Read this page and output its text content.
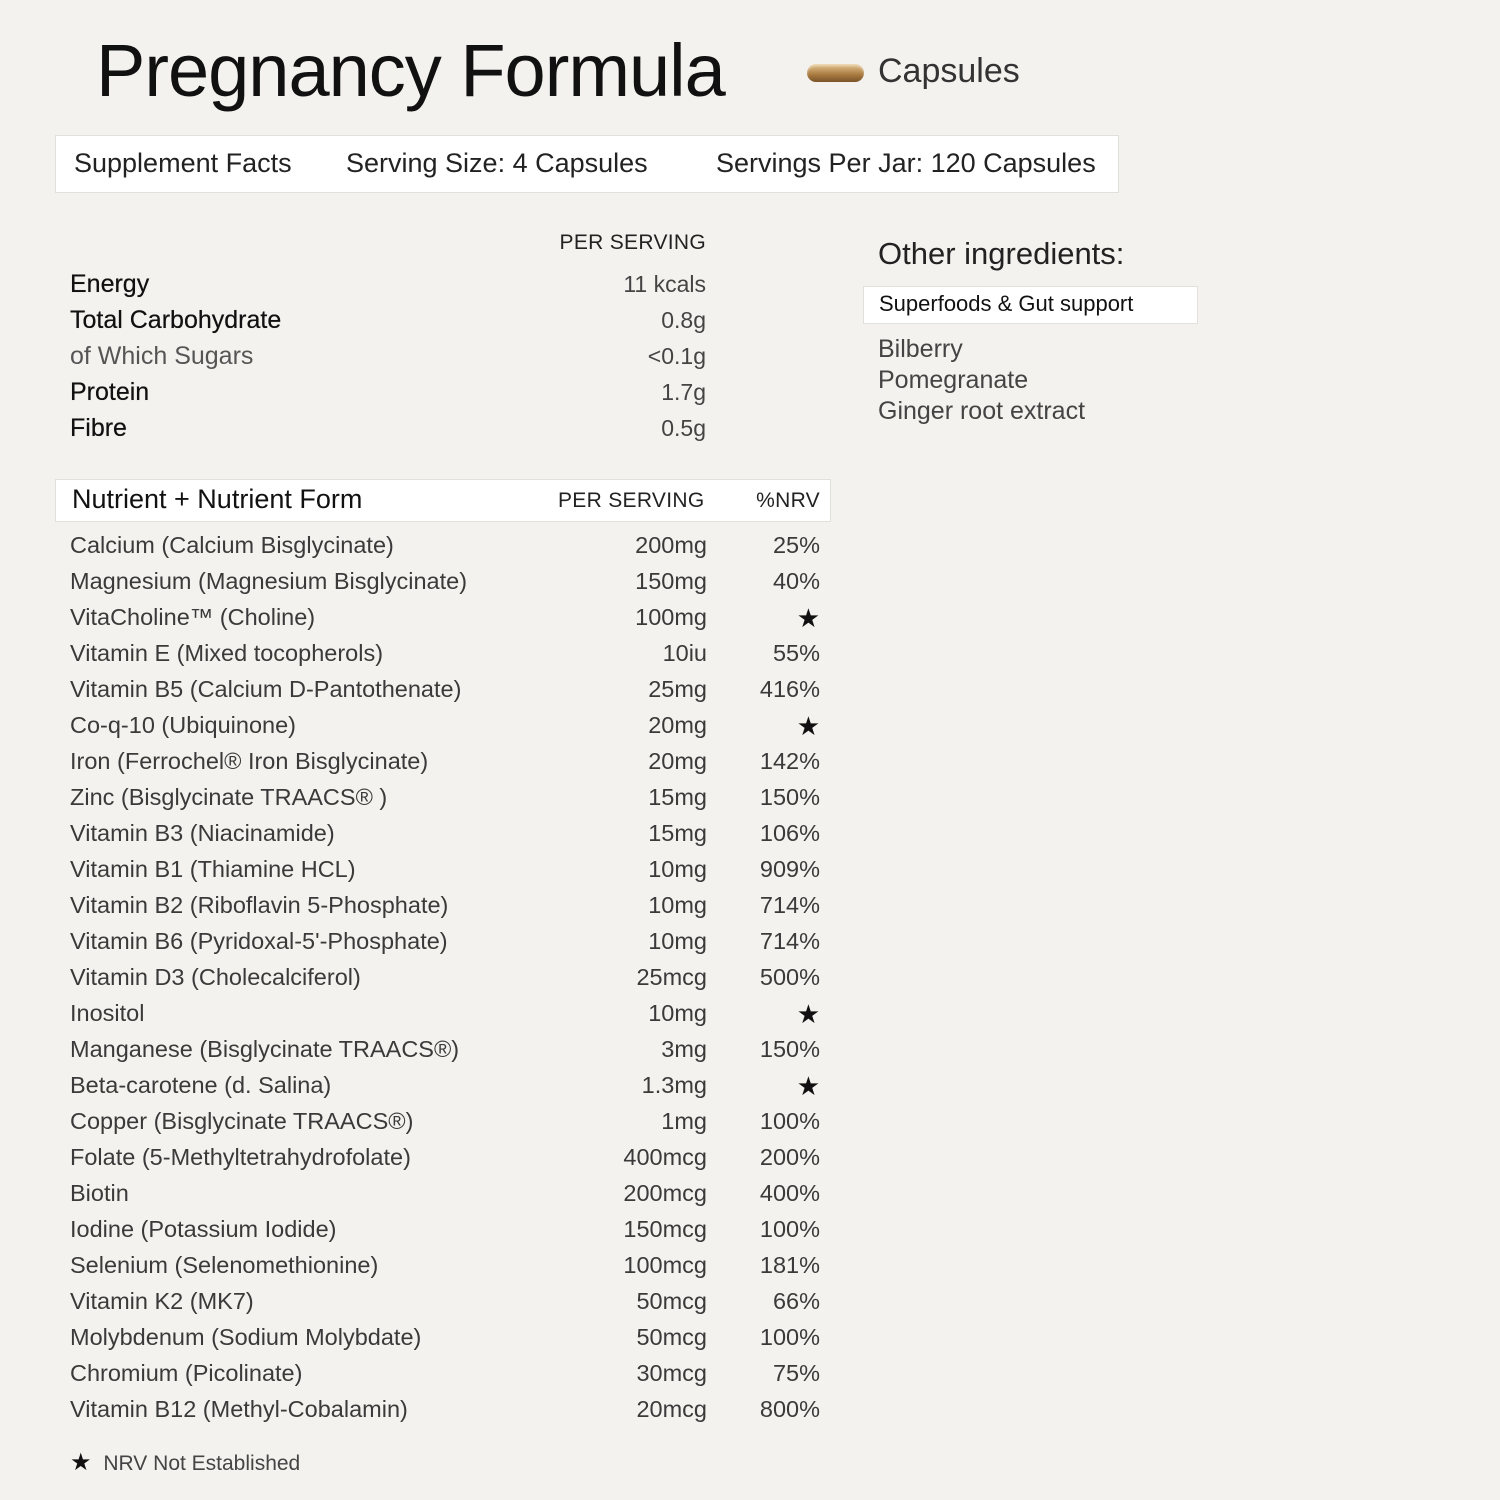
Pregnancy Formula	Capsules
Supplement Facts Serving Size: 4 Capsules	Servings Per Jar: 120 Capsules
PER SERVING
Energy	11 kcals
Total Carbohydrate	0.8g
of Which Sugars	<0.1g
Protein	1.7g
Fibre	0.5g
Nutrient + Nutrient Form	PER SERVING %NRV
Calcium (Calcium Bisglycinate)	200mg	25%
Magnesium (Magnesium Bisglycinate)	150mg	40%
VitaCholine™ (Choline)	100mg	★
Vitamin E (Mixed tocopherols)	10iu	55%
Vitamin B5 (Calcium D-Pantothenate)	25mg 416%
Co-q-10 (Ubiquinone)	20mg	★
Iron (Ferrochel® Iron Bisglycinate)	20mg 142%
Zinc (Bisglycinate TRAACS® )	15mg 150%
Vitamin B3 (Niacinamide)	15mg 106%
Vitamin B1 (Thiamine HCL)	10mg 909%
Vitamin B2 (Riboflavin 5-Phosphate)	10mg 714%
Vitamin B6 (Pyridoxal-5'-Phosphate)	10mg 714%
Vitamin D3 (Cholecalciferol)	25mcg 500%
Inositol	10mg	★
Manganese (Bisglycinate TRAACS®)	3mg 150%
Beta-carotene (d. Salina)	1.3mg	★
Copper (Bisglycinate TRAACS®)	1mg 100%
Folate (5-Methyltetrahydrofolate)	400mcg 200%
Biotin	200mcg 400%
Iodine (Potassium Iodide)	150mcg 100%
Selenium (Selenomethionine)	100mcg 181%
Vitamin K2 (MK7)	50mcg	66%
Molybdenum (Sodium Molybdate)	50mcg 100%
Chromium (Picolinate)	30mcg	75%
Vitamin B12 (Methyl-Cobalamin)	20mcg 800%
★ NRV Not Established
Other ingredients:
Superfoods & Gut support
Bilberry
Pomegranate
Ginger root extract
